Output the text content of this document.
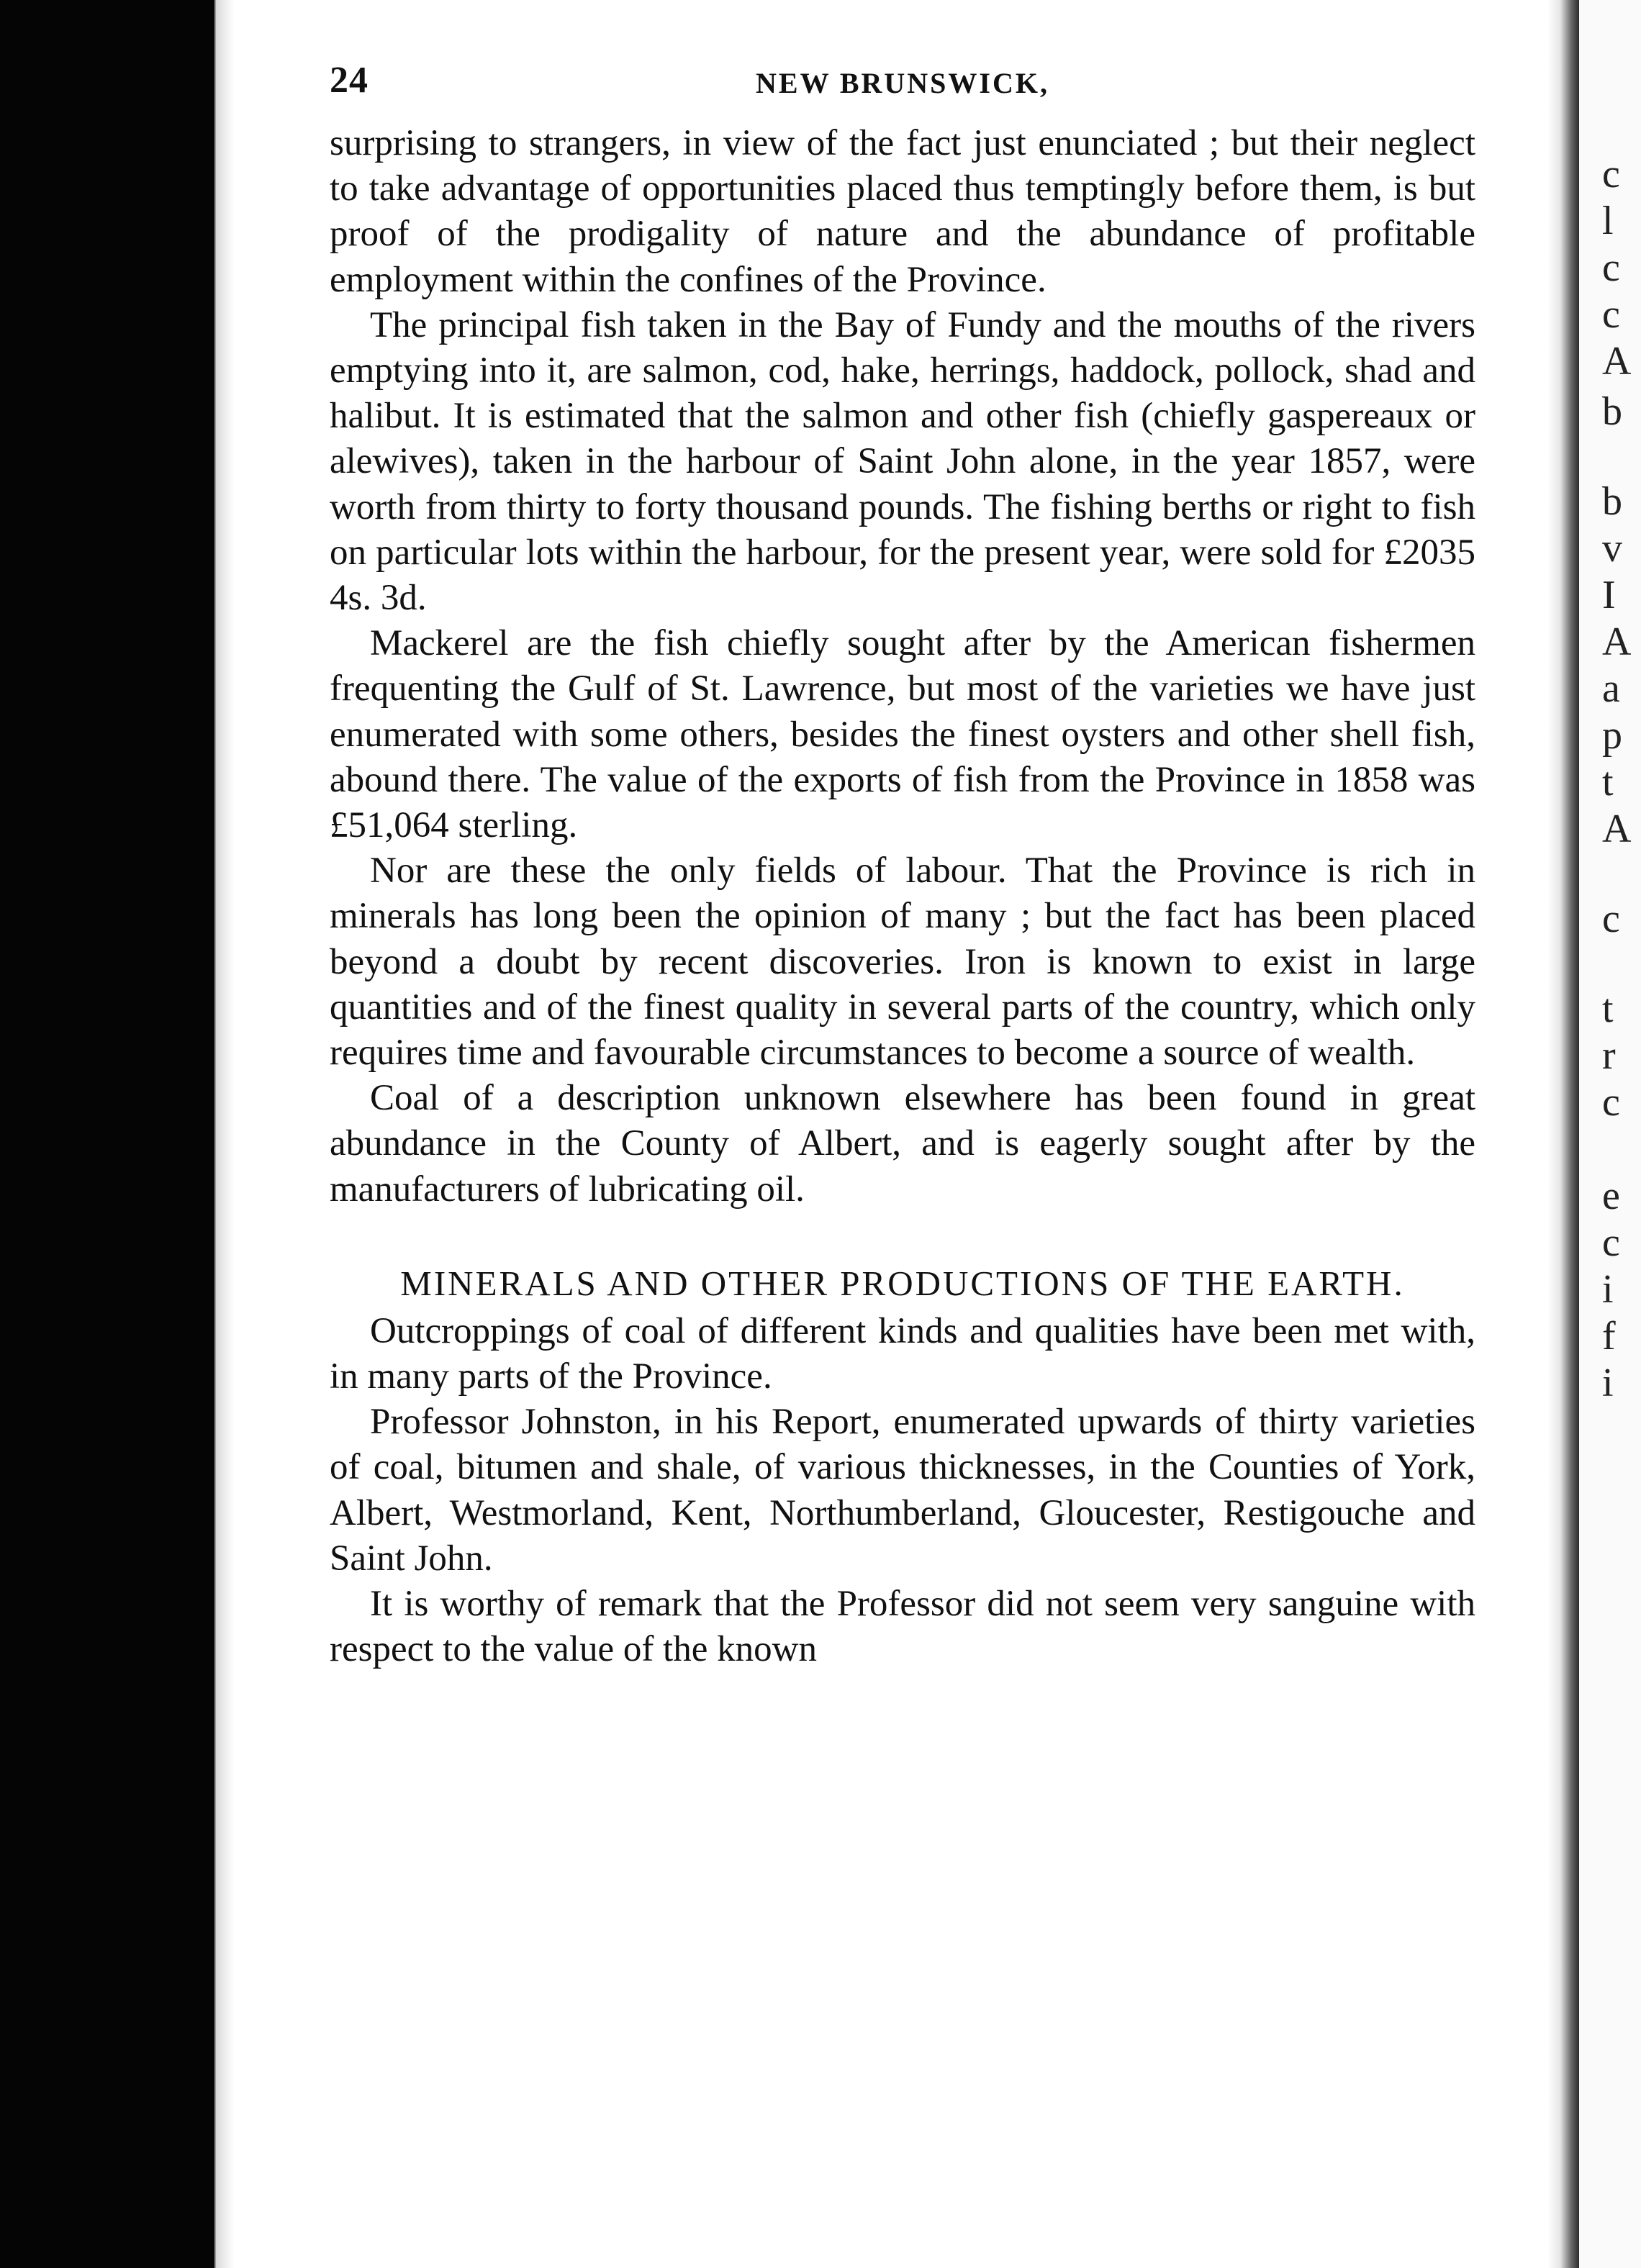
24	NEW BRUNSWICK,

surprising to strangers, in view of the fact just enunciated ; but their neglect to take advantage of opportunities placed thus temptingly before them, is but proof of the prodigality of nature and the abundance of profitable employment within the confines of the Province.

The principal fish taken in the Bay of Fundy and the mouths of the rivers emptying into it, are salmon, cod, hake, herrings, haddock, pollock, shad and halibut. It is estimated that the salmon and other fish (chiefly gaspereaux or alewives), taken in the harbour of Saint John alone, in the year 1857, were worth from thirty to forty thousand pounds. The fishing berths or right to fish on particular lots within the harbour, for the present year, were sold for £2035 4s. 3d.

Mackerel are the fish chiefly sought after by the American fishermen frequenting the Gulf of St. Lawrence, but most of the varieties we have just enumerated with some others, besides the finest oysters and other shell fish, abound there. The value of the exports of fish from the Province in 1858 was £51,064 sterling.

Nor are these the only fields of labour. That the Province is rich in minerals has long been the opinion of many ; but the fact has been placed beyond a doubt by recent discoveries. Iron is known to exist in large quantities and of the finest quality in several parts of the country, which only requires time and favourable circumstances to become a source of wealth.

Coal of a description unknown elsewhere has been found in great abundance in the County of Albert, and is eagerly sought after by the manufacturers of lubricating oil.

MINERALS AND OTHER PRODUCTIONS OF THE EARTH.

Outcroppings of coal of different kinds and qualities have been met with, in many parts of the Province.

Professor Johnston, in his Report, enumerated upwards of thirty varieties of coal, bitumen and shale, of various thicknesses, in the Counties of York, Albert, Westmorland, Kent, Northumberland, Gloucester, Restigouche and Saint John.

It is worthy of remark that the Professor did not seem very sanguine with respect to the value of the known

c
l
c
c
A
b
b
v
I
A
a
p
t
A
c
t
r
c
e
c
i
f
i
